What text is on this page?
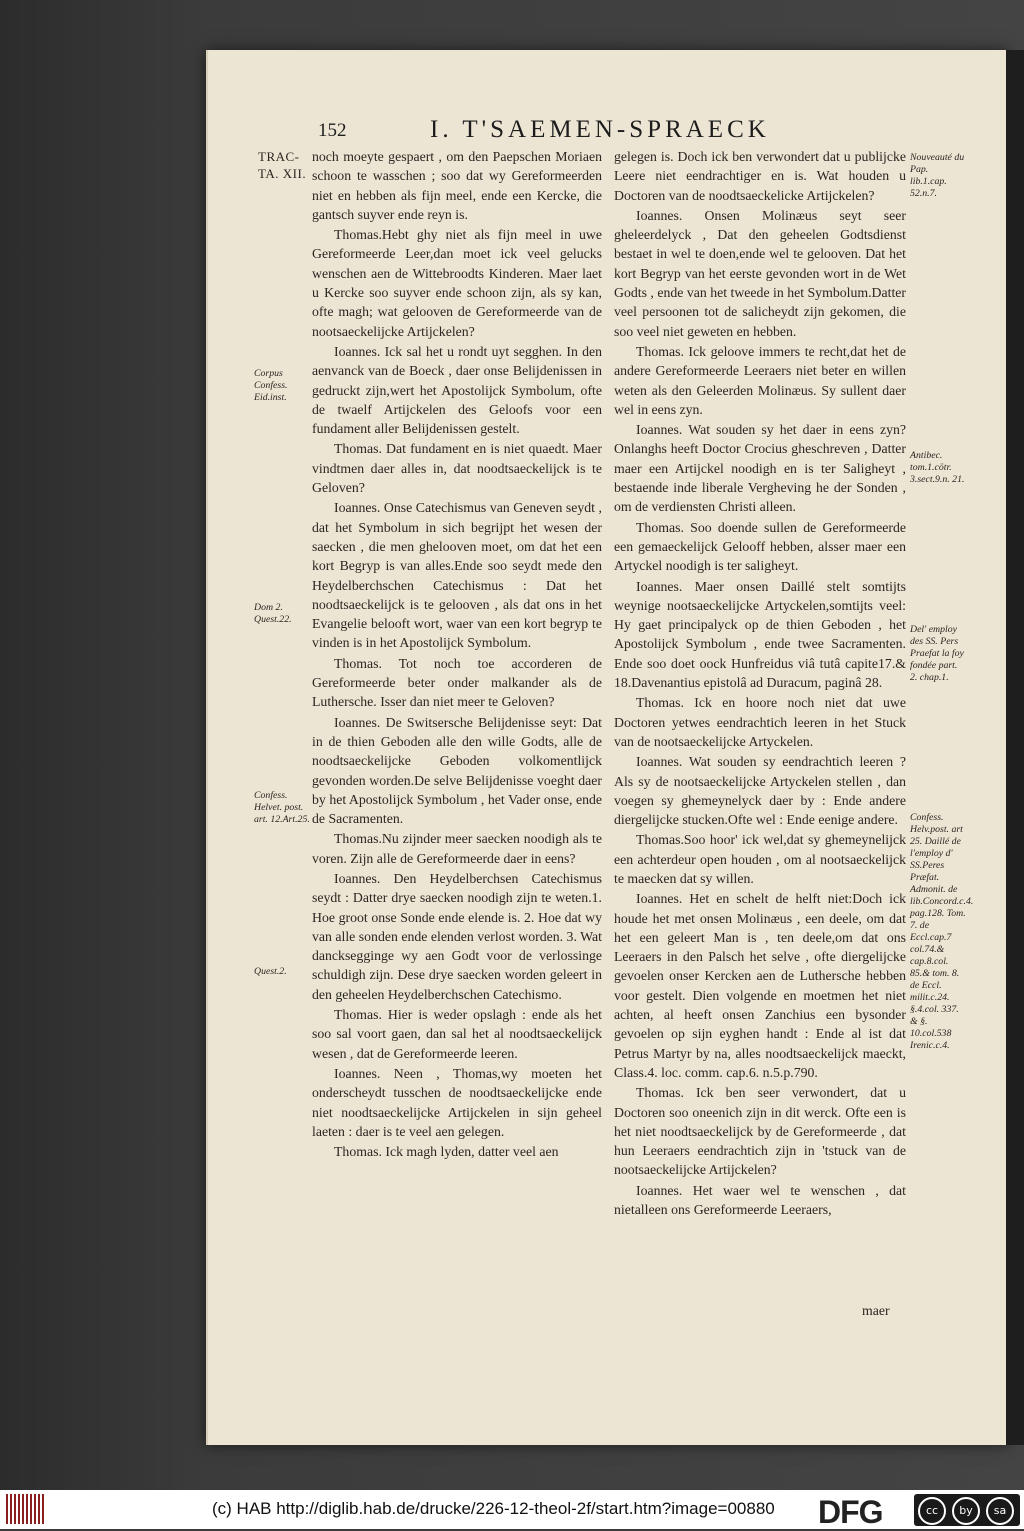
152	I. T'SAEMEN-SPRAECK
TRAC-
TA. XII.
Corpus Confess. Eid.inst.
Dom 2. Quest.22.
Confess. Helvet. post. art. 12.Art.25.
Quest.2.
Nouveauté du Pap. lib.1.cap. 52.n.7.
Antibec. tom.1.cötr. 3.sect.9.n. 21.
Del' employ des SS. Pers Praefat la foy fondée part. 2. chap.1.
Confess. Helv.post. art 25. Daillé de l'employ d' SS.Peres Præfat. Admonit. de lib.Concord.c.4. pag.128. Tom. 7. de Eccl.cap.7 col.74.& cap.8.col. 85.& tom. 8. de Eccl. milit.c.24. §.4.col. 337. & §. 10.col.538 Irenic.c.4.

noch moeyte gespaert , om den Paepschen Moriaen schoon te wasschen ; soo dat wy Gereformeerden niet en hebben als fijn meel, ende een Kercke, die gantsch suyver ende reyn is.

Thomas.Hebt ghy niet als fijn meel in uwe Gereformeerde Leer,dan moet ick veel gelucks wenschen aen de Wittebroodts Kinderen. Maer laet u Kercke soo suyver ende schoon zijn, als sy kan, ofte magh; wat gelooven de Gereformeerde van de nootsaeckelijcke Artijckelen?

Ioannes. Ick sal het u rondt uyt segghen. In den aenvanck van de Boeck , daer onse Belijdenissen in gedruckt zijn,wert het Apostolijck Symbolum, ofte de twaelf Artijckelen des Geloofs voor een fundament aller Belijdenissen gestelt.

Thomas. Dat fundament en is niet quaedt. Maer vindtmen daer alles in, dat noodtsaeckelijck is te Geloven?

Ioannes. Onse Catechismus van Geneven seydt , dat het Symbolum in sich begrijpt het wesen der saecken , die men ghelooven moet, om dat het een kort Begryp is van alles.Ende soo seydt mede den Heydelberchschen Catechismus : Dat het noodtsaeckelijck is te gelooven , als dat ons in het Evangelie belooft wort, waer van een kort begryp te vinden is in het Apostolijck Symbolum.

Thomas. Tot noch toe accorderen de Gereformeerde beter onder malkander als de Luthersche. Isser dan niet meer te Geloven?

Ioannes. De Switsersche Belijdenisse seyt: Dat in de thien Geboden alle den wille Godts, alle de noodtsaeckelijcke Geboden volkomentlijck gevonden worden.De selve Belijdenisse voeght daer by het Apostolijck Symbolum , het Vader onse, ende de Sacramenten.

Thomas.Nu zijnder meer saecken noodigh als te voren. Zijn alle de Gereformeerde daer in eens?

Ioannes. Den Heydelberchsen Catechismus seydt : Datter drye saecken noodigh zijn te weten.1. Hoe groot onse Sonde ende elende is. 2. Hoe dat wy van alle sonden ende elenden verlost worden. 3. Wat dancksegginge wy aen Godt voor de verlossinge schuldigh zijn. Dese drye saecken worden geleert in den geheelen Heydelberchschen Catechismo.

Thomas. Hier is weder opslagh : ende als het soo sal voort gaen, dan sal het al noodtsaeckelijck wesen , dat de Gereformeerde leeren.

Ioannes. Neen , Thomas,wy moeten het onderscheydt tusschen de noodtsaeckelijcke ende niet noodtsaeckelijcke Artijckelen in sijn geheel laeten : daer is te veel aen gelegen.

Thomas. Ick magh lyden, datter veel aen

gelegen is. Doch ick ben verwondert dat u publijcke Leere niet eendrachtiger en is. Wat houden u Doctoren van de noodtsaeckelicke Artijckelen?

Ioannes. Onsen Molinæus seyt seer gheleerdelyck , Dat den geheelen Godtsdienst bestaet in wel te doen,ende wel te gelooven. Dat het kort Begryp van het eerste gevonden wort in de Wet Godts , ende van het tweede in het Symbolum.Datter veel persoonen tot de salicheydt zijn gekomen, die soo veel niet geweten en hebben.

Thomas. Ick geloove immers te recht,dat het de andere Gereformeerde Leeraers niet beter en willen weten als den Geleerden Molinæus. Sy sullent daer wel in eens zyn.

Ioannes. Wat souden sy het daer in eens zyn? Onlanghs heeft Doctor Crocius gheschreven , Datter maer een Artijckel noodigh en is ter Saligheyt , bestaende inde liberale Vergheving he der Sonden , om de verdiensten Christi alleen.

Thomas. Soo doende sullen de Gereformeerde een gemaeckelijck Gelooff hebben, alsser maer een Artyckel noodigh is ter saligheyt.

Ioannes. Maer onsen Daillé stelt somtijts weynige nootsaeckelijcke Artyckelen,somtijts veel: Hy gaet principalyck op de thien Geboden , het Apostolijck Symbolum , ende twee Sacramenten. Ende soo doet oock Hunfreidus viâ tutâ capite17.& 18.Davenantius epistolâ ad Duracum, paginâ 28.

Thomas. Ick en hoore noch niet dat uwe Doctoren yetwes eendrachtich leeren in het Stuck van de nootsaeckelijcke Artyckelen.

Ioannes. Wat souden sy eendrachtich leeren ? Als sy de nootsaeckelijcke Artyckelen stellen , dan voegen sy ghemeynelyck daer by : Ende andere diergelijcke stucken.Ofte wel : Ende eenige andere.

Thomas.Soo hoor' ick wel,dat sy ghemeynelijck een achterdeur open houden , om al nootsaeckelijck te maecken dat sy willen.

Ioannes. Het en schelt de helft niet:Doch ick houde het met onsen Molinæus , een deele, om dat het een geleert Man is , ten deele,om dat ons Leeraers in den Palsch het selve , ofte diergelijcke gevoelen onser Kercken aen de Luthersche hebben voor gestelt. Dien volgende en moetmen het niet achten, al heeft onsen Zanchius een bysonder gevoelen op sijn eyghen handt : Ende al ist dat Petrus Martyr by na, alles noodtsaeckelijck maeckt, Class.4. loc. comm. cap.6. n.5.p.790.

Thomas. Ick ben seer verwondert, dat u Doctoren soo oneenich zijn in dit werck. Ofte een is het niet noodtsaeckelijck by de Gereformeerde , dat hun Leeraers eendrachtich zijn in 'tstuck van de nootsaeckelijcke Artijckelen?

Ioannes. Het waer wel te wenschen , dat nietalleen ons Gereformeerde Leeraers,

maer
(c) HAB http://diglib.hab.de/drucke/226-12-theol-2f/start.htm?image=00880 DFG	cc	by	sa
